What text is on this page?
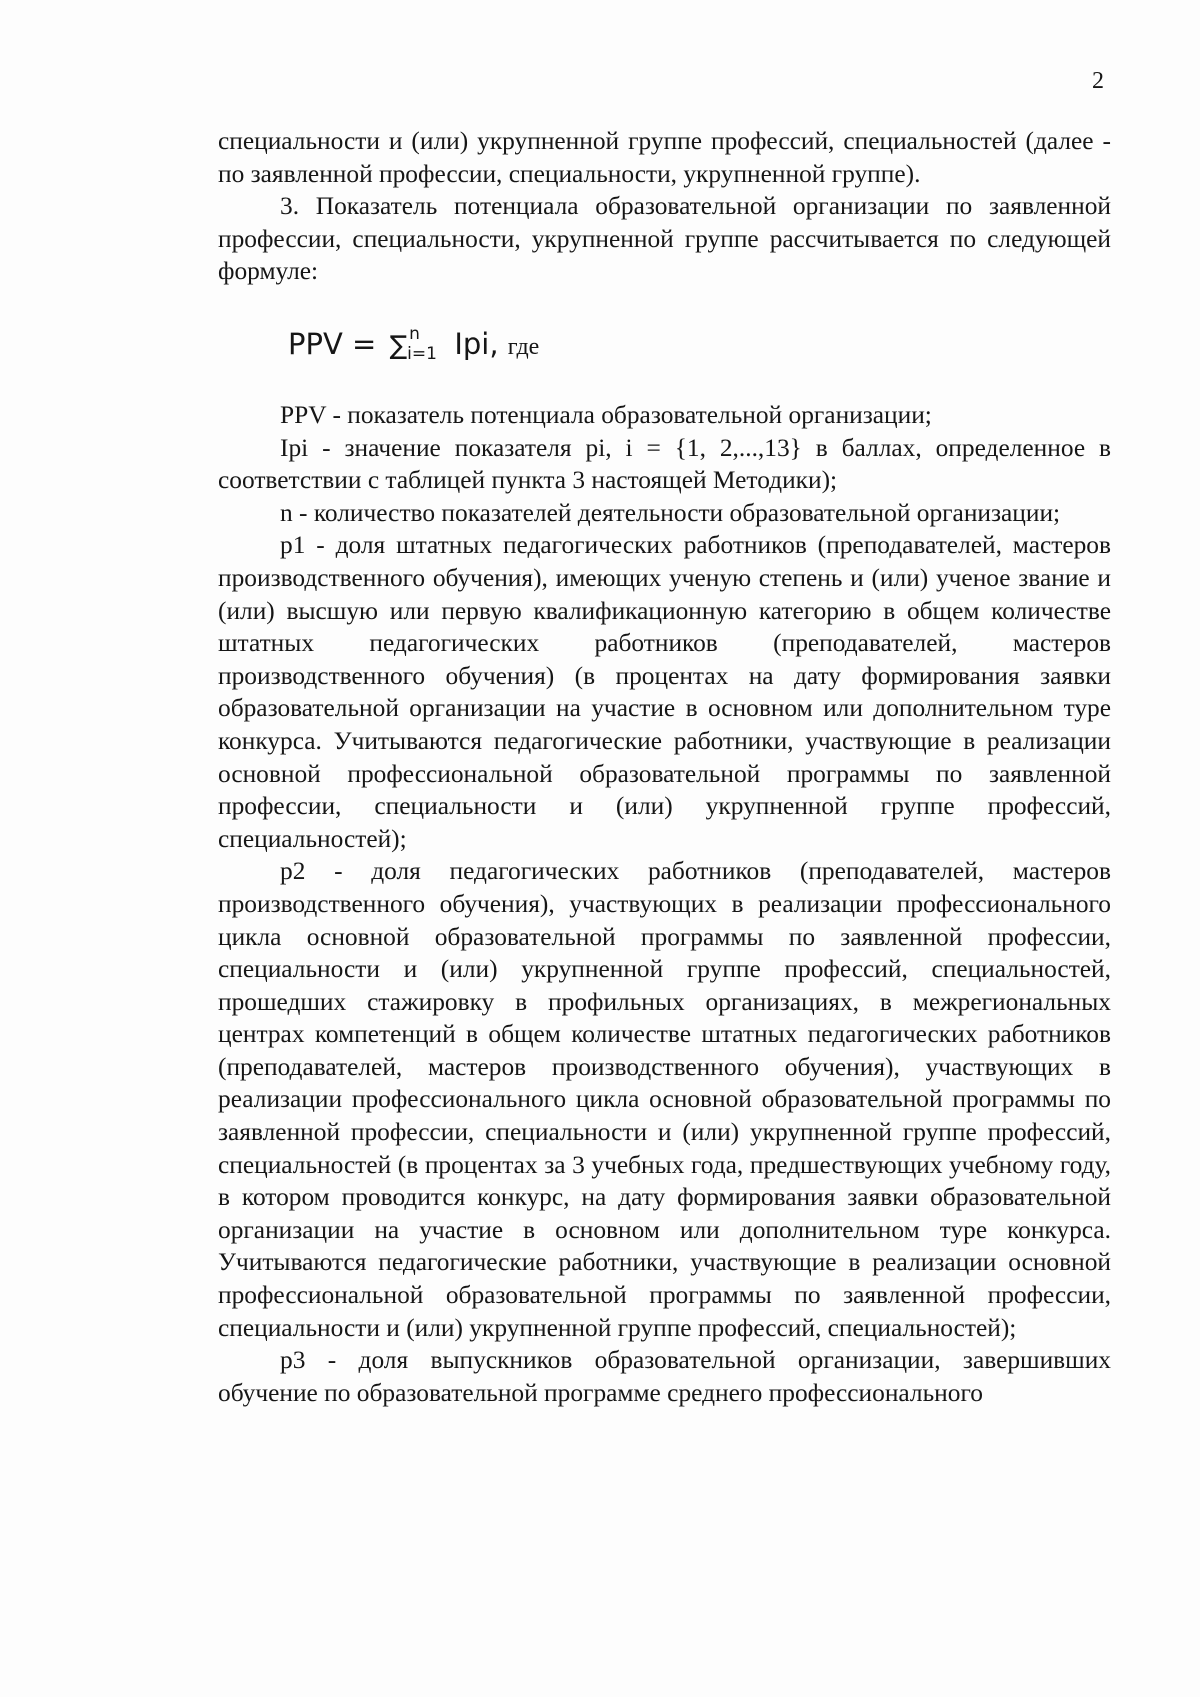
2

специальности и (или) укрупненной группе профессий, специальностей (далее - по заявленной профессии, специальности, укрупненной группе).

3. Показатель потенциала образовательной организации по заявленной профессии, специальности, укрупненной группе рассчитывается по следующей формуле:

PPV = ∑ n
i=1 Ipi, где

PPV - показатель потенциала образовательной организации;

Ipi - значение показателя pi, i = {1, 2,...,13} в баллах, определенное в соответствии с таблицей пункта 3 настоящей Методики);

n - количество показателей деятельности образовательной организации;

p1 - доля штатных педагогических работников (преподавателей, мастеров производственного обучения), имеющих ученую степень и (или) ученое звание и (или) высшую или первую квалификационную категорию в общем количестве штатных педагогических работников (преподавателей, мастеров производственного обучения) (в процентах на дату формирования заявки образовательной организации на участие в основном или дополнительном туре конкурса. Учитываются педагогические работники, участвующие в реализации основной профессиональной образовательной программы по заявленной профессии, специальности и (или) укрупненной группе профессий, специальностей);

p2 - доля педагогических работников (преподавателей, мастеров производственного обучения), участвующих в реализации профессионального цикла основной образовательной программы по заявленной профессии, специальности и (или) укрупненной группе профессий, специальностей, прошедших стажировку в профильных организациях, в межрегиональных центрах компетенций в общем количестве штатных педагогических работников (преподавателей, мастеров производственного обучения), участвующих в реализации профессионального цикла основной образовательной программы по заявленной профессии, специальности и (или) укрупненной группе профессий, специальностей (в процентах за 3 учебных года, предшествующих учебному году, в котором проводится конкурс, на дату формирования заявки образовательной организации на участие в основном или дополнительном туре конкурса. Учитываются педагогические работники, участвующие в реализации основной профессиональной образовательной программы по заявленной профессии, специальности и (или) укрупненной группе профессий, специальностей);

p3 - доля выпускников образовательной организации, завершивших обучение по образовательной программе среднего профессионального
